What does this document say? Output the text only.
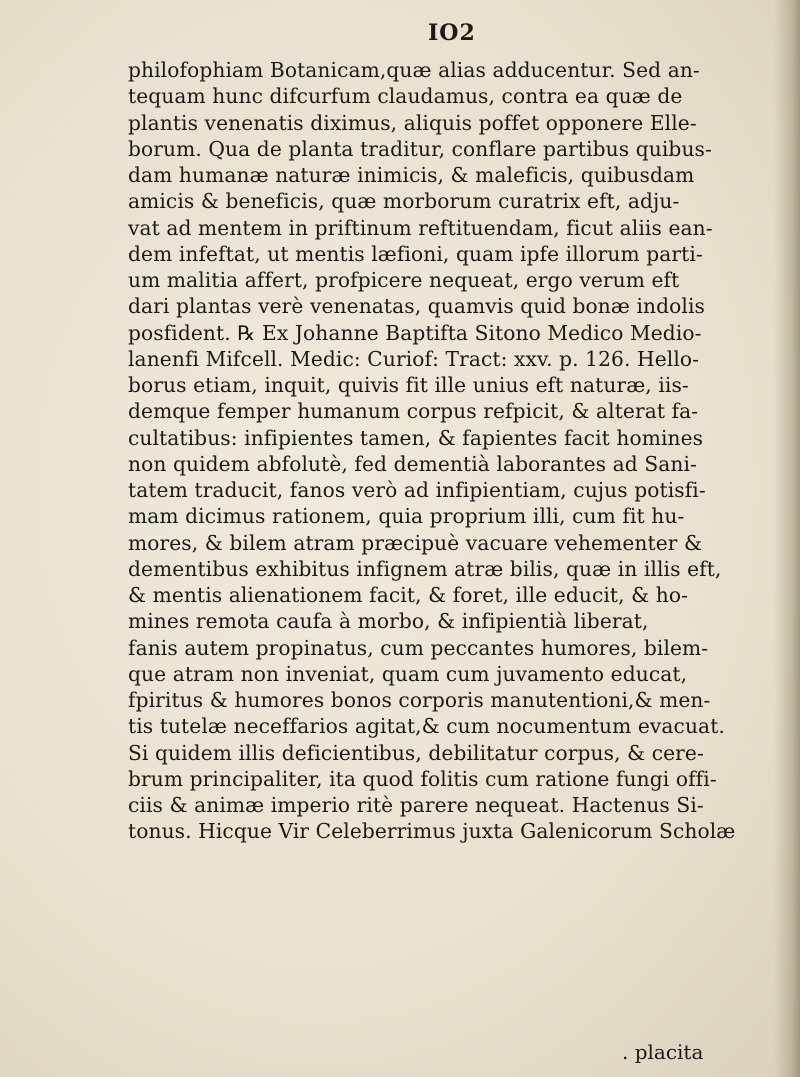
IO2
philofophiam Botanicam,quæ alias adducentur. Sed an-
tequam hunc difcurfum claudamus, contra ea quæ de
plantis venenatis diximus, aliquis poffet opponere Elle-
borum. Qua de planta traditur, conflare partibus quibus-
dam humanæ naturæ inimicis, & maleficis, quibusdam
amicis & beneficis, quæ morborum curatrix eft, adju-
vat ad mentem in priftinum reftituendam, ficut aliis ean-
dem infeftat, ut mentis læfioni, quam ipfe illorum parti-
um malitia affert, profpicere nequeat, ergo verum eft
dari plantas verè venenatas, quamvis quid bonæ indolis
posfident. ℞ Ex Johanne Baptifta Sitono Medico Medio-
lanenfi Mifcell. Medic: Curiof: Tract: xxv. p. 126. Hello-
borus etiam, inquit, quivis fit ille unius eft naturæ, iis-
demque femper humanum corpus refpicit, & alterat fa-
cultatibus: infipientes tamen, & fapientes facit homines
non quidem abfolutè, fed dementià laborantes ad Sani-
tatem traducit, fanos verò ad infipientiam, cujus potisfi-
mam dicimus rationem, quia proprium illi, cum fit hu-
mores, & bilem atram præcipuè vacuare vehementer &
dementibus exhibitus infignem atræ bilis, quæ in illis eft,
& mentis alienationem facit, & foret, ille educit, & ho-
mines remota caufa à morbo, & infipientià liberat,
fanis autem propinatus, cum peccantes humores, bilem-
que atram non inveniat, quam cum juvamento educat,
fpiritus & humores bonos corporis manutentioni,& men-
tis tutelæ neceffarios agitat,& cum nocumentum evacuat.
Si quidem illis deficientibus, debilitatur corpus, & cere-
brum principaliter, ita quod folitis cum ratione fungi offi-
ciis & animæ imperio ritè parere nequeat. Hactenus Si-
tonus. Hicque Vir Celeberrimus juxta Galenicorum Scholæ
. placita
